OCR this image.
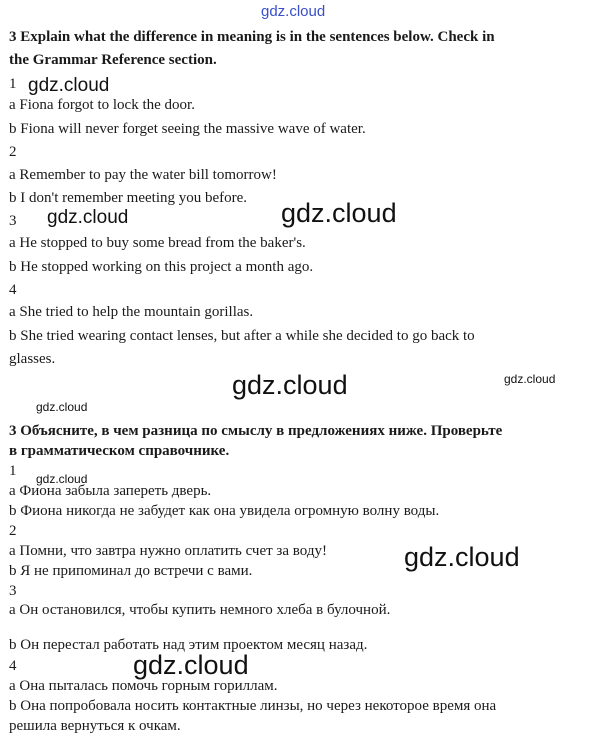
gdz.cloud
gdz.cloud
gdz.cloud	gdz.cloud
gdz.cloud	gdz.cloud
gdz.cloud
gdz.cloud
gdz.cloud
gdz.cloud
3 Explain what the difference in meaning is in the sentences below. Check in
the Grammar Reference section.
1
a Fiona forgot to lock the door.
b Fiona will never forget seeing the massive wave of water.
2
a Remember to pay the water bill tomorrow!
b I don't remember meeting you before.
3
a He stopped to buy some bread from the baker's.
b He stopped working on this project a month ago.
4
a She tried to help the mountain gorillas.
b She tried wearing contact lenses, but after a while she decided to go back to
glasses.
3 Объясните, в чем разница по смыслу в предложениях ниже. Проверьте
в грамматическом справочнике.
1
a Фиона забыла запереть дверь.
b Фиона никогда не забудет как она увидела огромную волну воды.
2
a Помни, что завтра нужно оплатить счет за воду!
b Я не припоминал до встречи с вами.
3
a Он остановился, чтобы купить немного хлеба в булочной.
b Он перестал работать над этим проектом месяц назад.
4
a Она пыталась помочь горным гориллам.
b Она попробовала носить контактные линзы, но через некоторое время она
решила вернуться к очкам.
